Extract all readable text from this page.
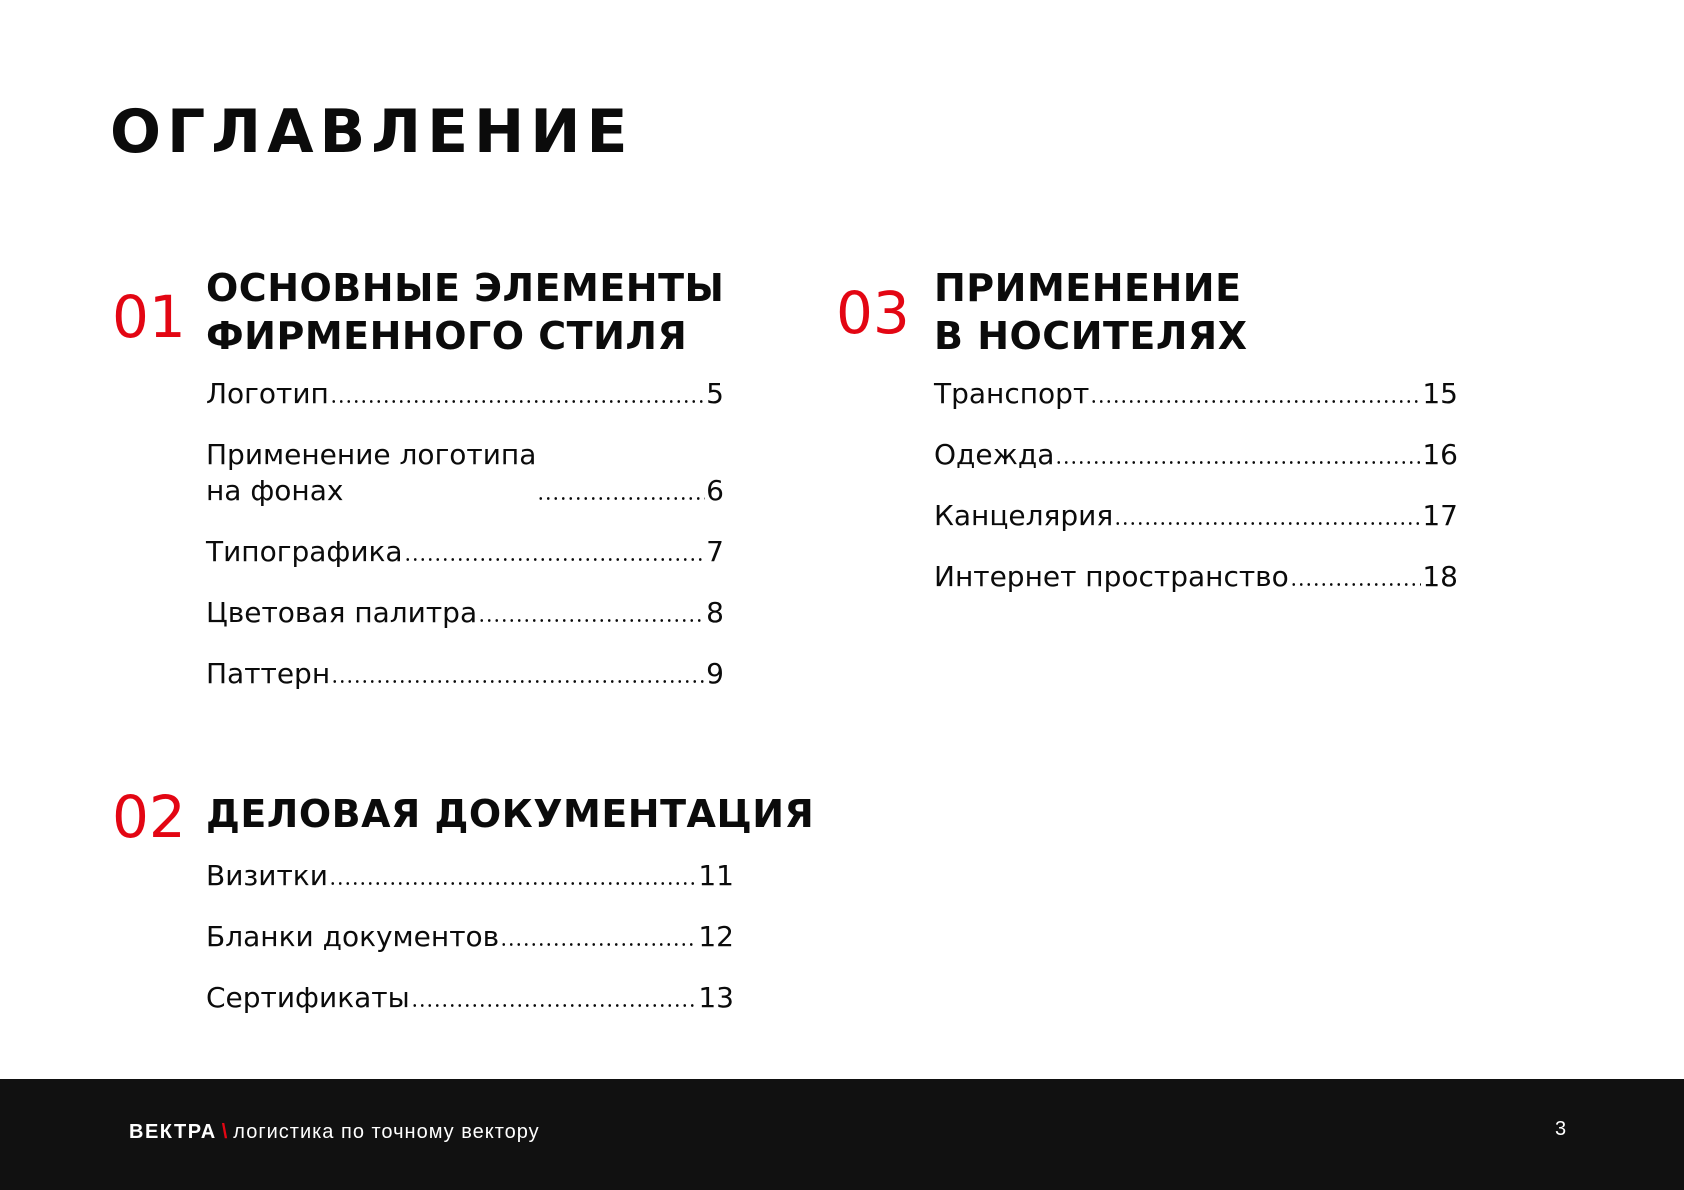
ОГЛАВЛЕНИЕ
01 ОСНОВНЫЕ ЭЛЕМЕНТЫ
ФИРМЕННОГО СТИЛЯ
Логотип	5
Применение логотипа
на фонах	6
Типографика	7
Цветовая палитра	8
Паттерн	9
02 ДЕЛОВАЯ ДОКУМЕНТАЦИЯ
Визитки	11
Бланки документов	12
Сертификаты	13
03 ПРИМЕНЕНИЕ
В НОСИТЕЛЯХ
Транспорт	15
Одежда	16
Канцелярия	17
Интернет пространство	18
ВЕКТРА \ логистика по точному вектору	3
